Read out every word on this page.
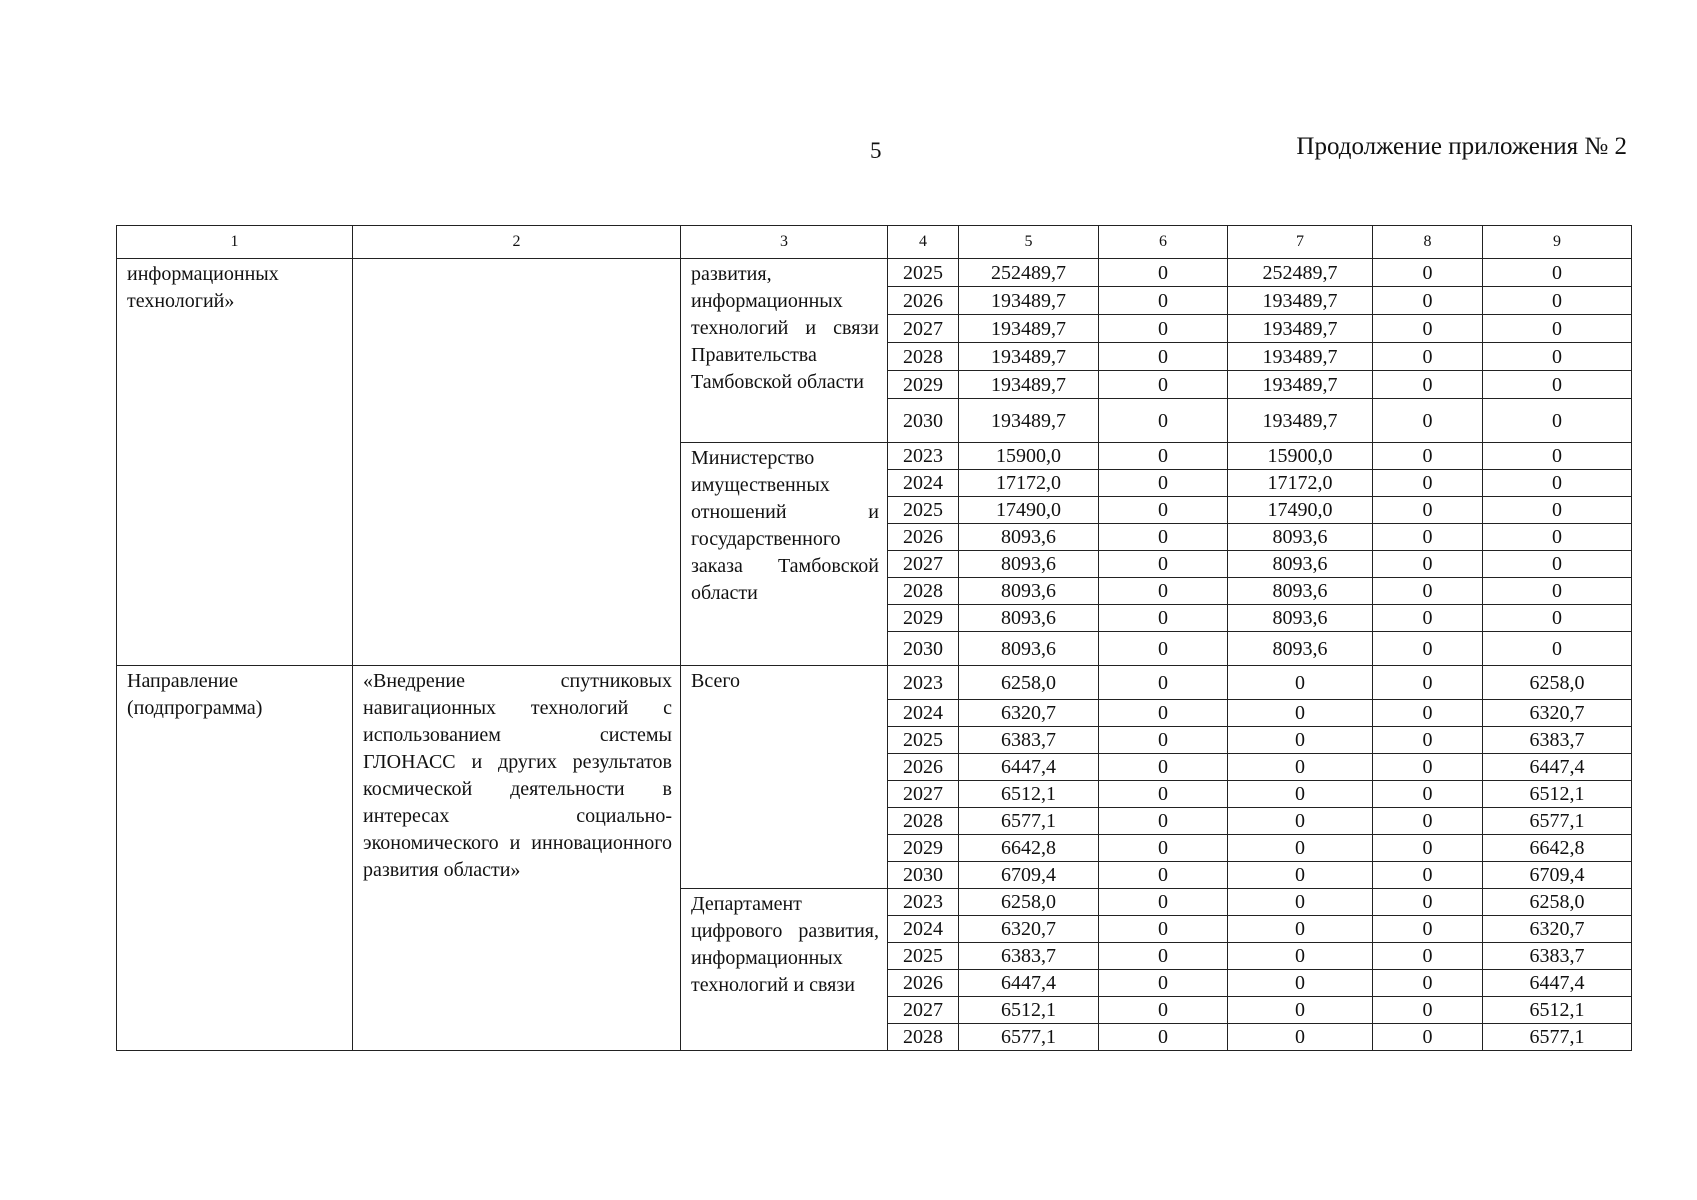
5	Продолжение приложения № 2
1	2	3	4	5	6	7	8	9
информационных технологий»		развития, информационных технологий и связи Правительства Тамбовской области	2025	252489,7	0	252489,7	0	0
			2026	193489,7	0	193489,7	0	0
			2027	193489,7	0	193489,7	0	0
			2028	193489,7	0	193489,7	0	0
			2029	193489,7	0	193489,7	0	0
			2030	193489,7	0	193489,7	0	0
		Министерство имущественных отношений и государственного заказа Тамбовской области	2023	15900,0	0	15900,0	0	0
			2024	17172,0	0	17172,0	0	0
			2025	17490,0	0	17490,0	0	0
			2026	8093,6	0	8093,6	0	0
			2027	8093,6	0	8093,6	0	0
			2028	8093,6	0	8093,6	0	0
			2029	8093,6	0	8093,6	0	0
			2030	8093,6	0	8093,6	0	0
Направление (подпрограмма)	«Внедрение спутниковых навигационных технологий с использованием системы ГЛОНАСС и других результатов космической деятельности в интересах социально-экономического и инновационного развития области»	Всего	2023	6258,0	0	0	0	6258,0
			2024	6320,7	0	0	0	6320,7
			2025	6383,7	0	0	0	6383,7
			2026	6447,4	0	0	0	6447,4
			2027	6512,1	0	0	0	6512,1
			2028	6577,1	0	0	0	6577,1
			2029	6642,8	0	0	0	6642,8
			2030	6709,4	0	0	0	6709,4
		Департамент цифрового развития, информационных технологий и связи	2023	6258,0	0	0	0	6258,0
			2024	6320,7	0	0	0	6320,7
			2025	6383,7	0	0	0	6383,7
			2026	6447,4	0	0	0	6447,4
			2027	6512,1	0	0	0	6512,1
			2028	6577,1	0	0	0	6577,1
